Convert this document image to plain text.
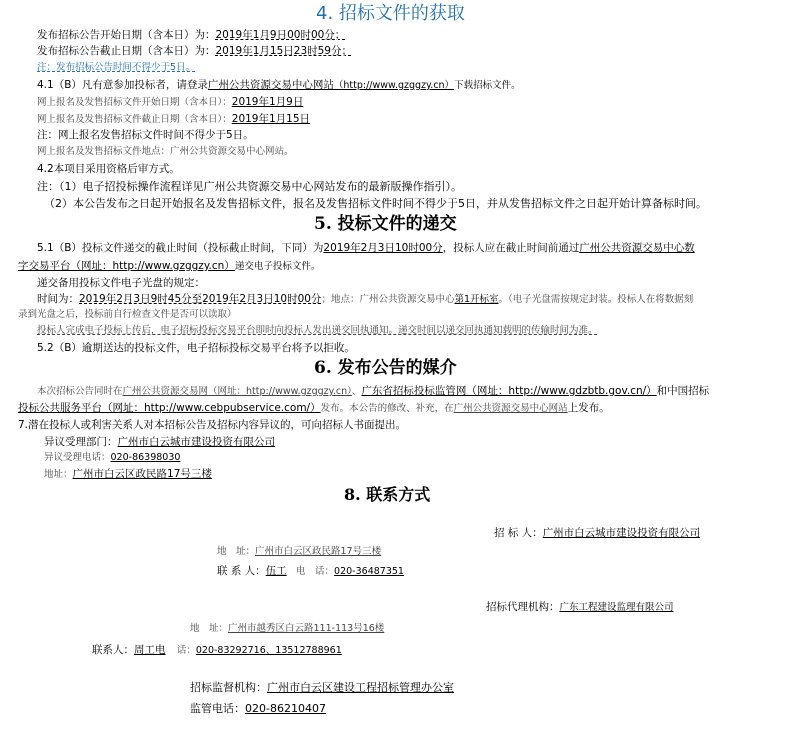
4. 招标文件的获取
发布招标公告开始日期（含本日）为：2019年1月9日00时00分；
发布招标公告截止日期（含本日）为：2019年1月15日23时59分；
注：发布招标公告时间不得少于5日。
4.1（B）凡有意参加投标者，请登录广州公共资源交易中心网站（http://www.gzggzy.cn）下载招标文件。
网上报名及发售招标文件开始日期（含本日）：2019年1月9日
网上报名及发售招标文件截止日期（含本日）：2019年1月15日
注：网上报名发售招标文件时间不得少于5日。
网上报名及发售招标文件地点：广州公共资源交易中心网站。
4.2本项目采用资格后审方式。
注：（1）电子招投标操作流程详见广州公共资源交易中心网站发布的最新版操作指引）。
（2）本公告发布之日起开始报名及发售招标文件，报名及发售招标文件时间不得少于5日，并从发售招标文件之日起开始计算备标时间。
5. 投标文件的递交
5.1（B）投标文件递交的截止时间（投标截止时间，下同）为2019年2月3日10时00分，投标人应在截止时间前通过广州公共资源交易中心数
字交易平台（网址：http://www.gzggzy.cn）递交电子投标文件。
递交备用投标文件电子光盘的规定：
时间为：2019年2月3日9时45分至2019年2月3日10时00分；地点：广州公共资源交易中心第1开标室。（电子光盘需按规定封装。投标人在将数据刻
录到光盘之后，投标前自行检查文件是否可以读取）
投标人完成电子投标上传后，电子招标投标交易平台即时向投标人发出递交回执通知。递交时间以递交回执通知载明的传输时间为准。
5.2（B）逾期送达的投标文件，电子招标投标交易平台将予以拒收。
6. 发布公告的媒介
本次招标公告同时在广州公共资源交易网（网址：http://www.gzggzy.cn）、广东省招标投标监管网（网址：http://www.gdzbtb.gov.cn/）和中国招标
投标公共服务平台（网址：http://www.cebpubservice.com/）发布。本公告的修改、补充，在广州公共资源交易中心网站上发布。
7.潜在投标人或利害关系人对本招标公告及招标内容异议的，可向招标人书面提出。
异议受理部门：广州市白云城市建设投资有限公司
异议受理电话：020-86398030
地址：广州市白云区政民路17号三楼
8. 联系方式
招 标 人：广州市白云城市建设投资有限公司
地　址：广州市白云区政民路17号三楼
联 系 人：伍工 电　话：020-36487351
招标代理机构：广东工程建设监理有限公司
地　址：广州市越秀区白云路111-113号16楼
联系人：周工电 话：020-83292716、13512788961
招标监督机构：广州市白云区建设工程招标管理办公室
监管电话：020-86210407
